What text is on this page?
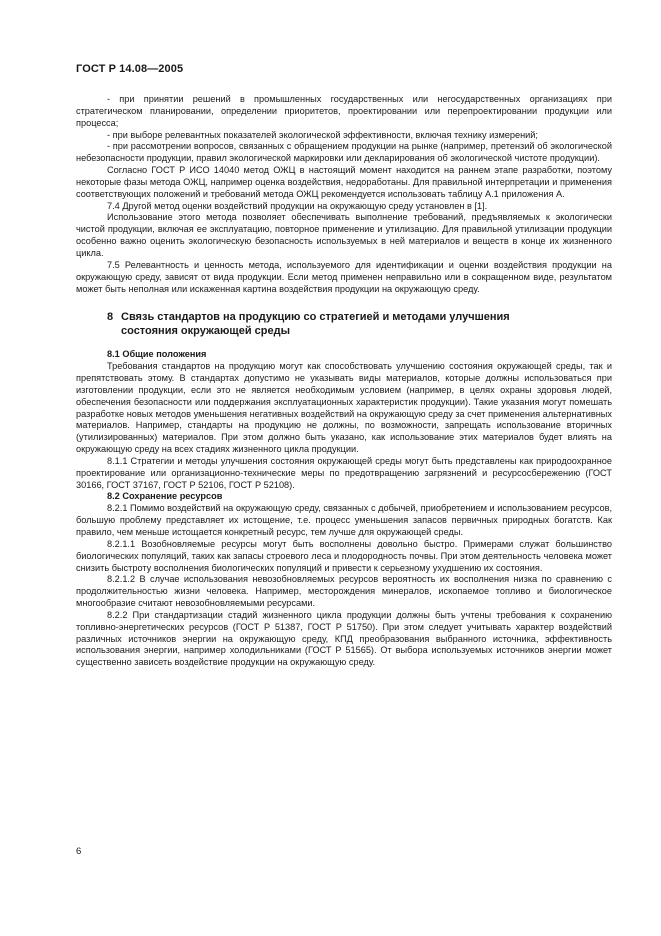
ГОСТ Р 14.08—2005

- при принятии решений в промышленных государственных или негосударственных организациях при стратегическом планировании, определении приоритетов, проектировании или перепроектировании продукции или процесса;

- при выборе релевантных показателей экологической эффективности, включая технику измерений;

- при рассмотрении вопросов, связанных с обращением продукции на рынке (например, претензий об экологической небезопасности продукции, правил экологической маркировки или декларирования об экологической чистоте продукции).

Согласно ГОСТ Р ИСО 14040 метод ОЖЦ в настоящий момент находится на раннем этапе разработки, поэтому некоторые фазы метода ОЖЦ, например оценка воздействия, недоработаны. Для правильной интерпретации и применения соответствующих положений и требований метода ОЖЦ рекомендуется использовать таблицу А.1 приложения А.

7.4 Другой метод оценки воздействий продукции на окружающую среду установлен в [1].

Использование этого метода позволяет обеспечивать выполнение требований, предъявляемых к экологически чистой продукции, включая ее эксплуатацию, повторное применение и утилизацию. Для правильной утилизации продукции особенно важно оценить экологическую безопасность используемых в ней материалов и веществ в конце их жизненного цикла.

7.5 Релевантность и ценность метода, используемого для идентификации и оценки воздействия продукции на окружающую среду, зависят от вида продукции. Если метод применен неправильно или в сокращенном виде, результатом может быть неполная или искаженная картина воздействия продукции на окружающую среду.

8 Связь стандартов на продукцию со стратегией и методами улучшения
состояния окружающей среды

8.1 Общие положения

Требования стандартов на продукцию могут как способствовать улучшению состояния окружающей среды, так и препятствовать этому. В стандартах допустимо не указывать виды материалов, которые должны использоваться при изготовлении продукции, если это не является необходимым условием (например, в целях охраны здоровья людей, обеспечения безопасности или поддержания эксплуатационных характеристик продукции). Такие указания могут помешать разработке новых методов уменьшения негативных воздействий на окружающую среду за счет применения альтернативных материалов. Например, стандарты на продукцию не должны, по возможности, запрещать использование вторичных (утилизированных) материалов. При этом должно быть указано, как использование этих материалов будет влиять на окружающую среду на всех стадиях жизненного цикла продукции.

8.1.1 Стратегии и методы улучшения состояния окружающей среды могут быть представлены как природоохранное проектирование или организационно-технические меры по предотвращению загрязнений и ресурсосбережению (ГОСТ 30166, ГОСТ 37167, ГОСТ Р 52106, ГОСТ Р 52108).

8.2 Сохранение ресурсов

8.2.1 Помимо воздействий на окружающую среду, связанных с добычей, приобретением и использованием ресурсов, большую проблему представляет их истощение, т.е. процесс уменьшения запасов первичных природных богатств. Как правило, чем меньше истощается конкретный ресурс, тем лучше для окружающей среды.

8.2.1.1 Возобновляемые ресурсы могут быть восполнены довольно быстро. Примерами служат большинство биологических популяций, таких как запасы строевого леса и плодородность почвы. При этом деятельность человека может снизить быстроту восполнения биологических популяций и привести к серьезному ухудшению их состояния.

8.2.1.2 В случае использования невозобновляемых ресурсов вероятность их восполнения низка по сравнению с продолжительностью жизни человека. Например, месторождения минералов, ископаемое топливо и биологическое многообразие считают невозобновляемыми ресурсами.

8.2.2 При стандартизации стадий жизненного цикла продукции должны быть учтены требования к сохранению топливно-энергетических ресурсов (ГОСТ Р 51387, ГОСТ Р 51750). При этом следует учитывать характер воздействий различных источников энергии на окружающую среду, КПД преобразования выбранного источника, эффективность использования энергии, например холодильниками (ГОСТ Р 51565). От выбора используемых источников энергии может существенно зависеть воздействие продукции на окружающую среду.

6
